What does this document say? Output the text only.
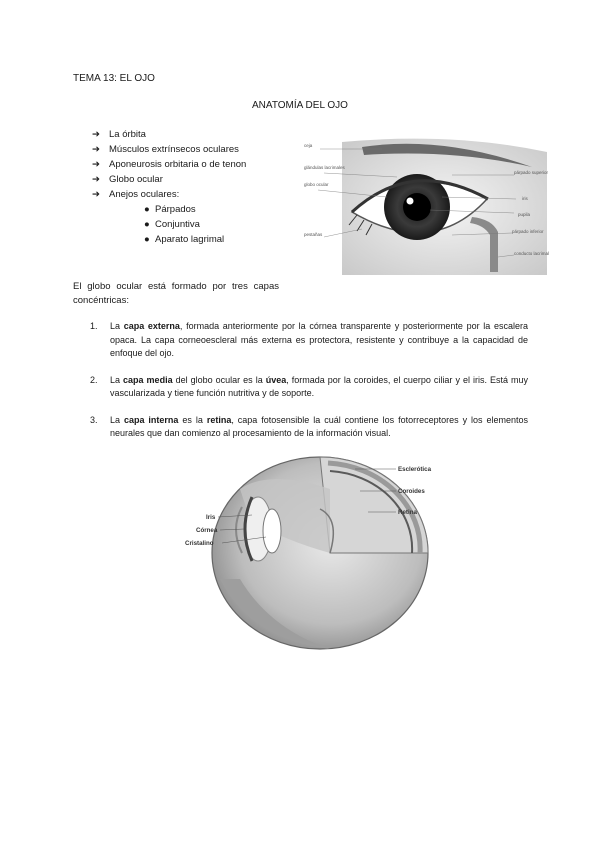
TEMA 13: EL OJO
ANATOMÍA DEL OJO
➔ La órbita
➔ Músculos extrínsecos oculares
➔ Aponeurosis orbitaria o de tenon
➔ Globo ocular
➔ Anejos oculares:
● Párpados
● Conjuntiva
● Aparato lagrimal
ceja
glándulas lacrimales
globo ocular
pestañas
párpado superior
iris
pupila
párpado inferior
conducto lacrimal
El globo ocular está formado por tres capas concéntricas:
1. La capa externa, formada anteriormente por la córnea transparente y posteriormente por la escalera opaca. La capa corneoescleral más externa es protectora, resistente y contribuye a la capacidad de enfoque del ojo.
2. La capa media del globo ocular es la úvea, formada por la coroides, el cuerpo ciliar y el iris. Está muy vascularizada y tiene función nutritiva y de soporte.
3. La capa interna es la retina, capa fotosensible la cuál contiene los fotorreceptores y los elementos neurales que dan comienzo al procesamiento de la información visual.
Esclerótica
Coroides
Retina
Iris
Córnea
Cristalino
